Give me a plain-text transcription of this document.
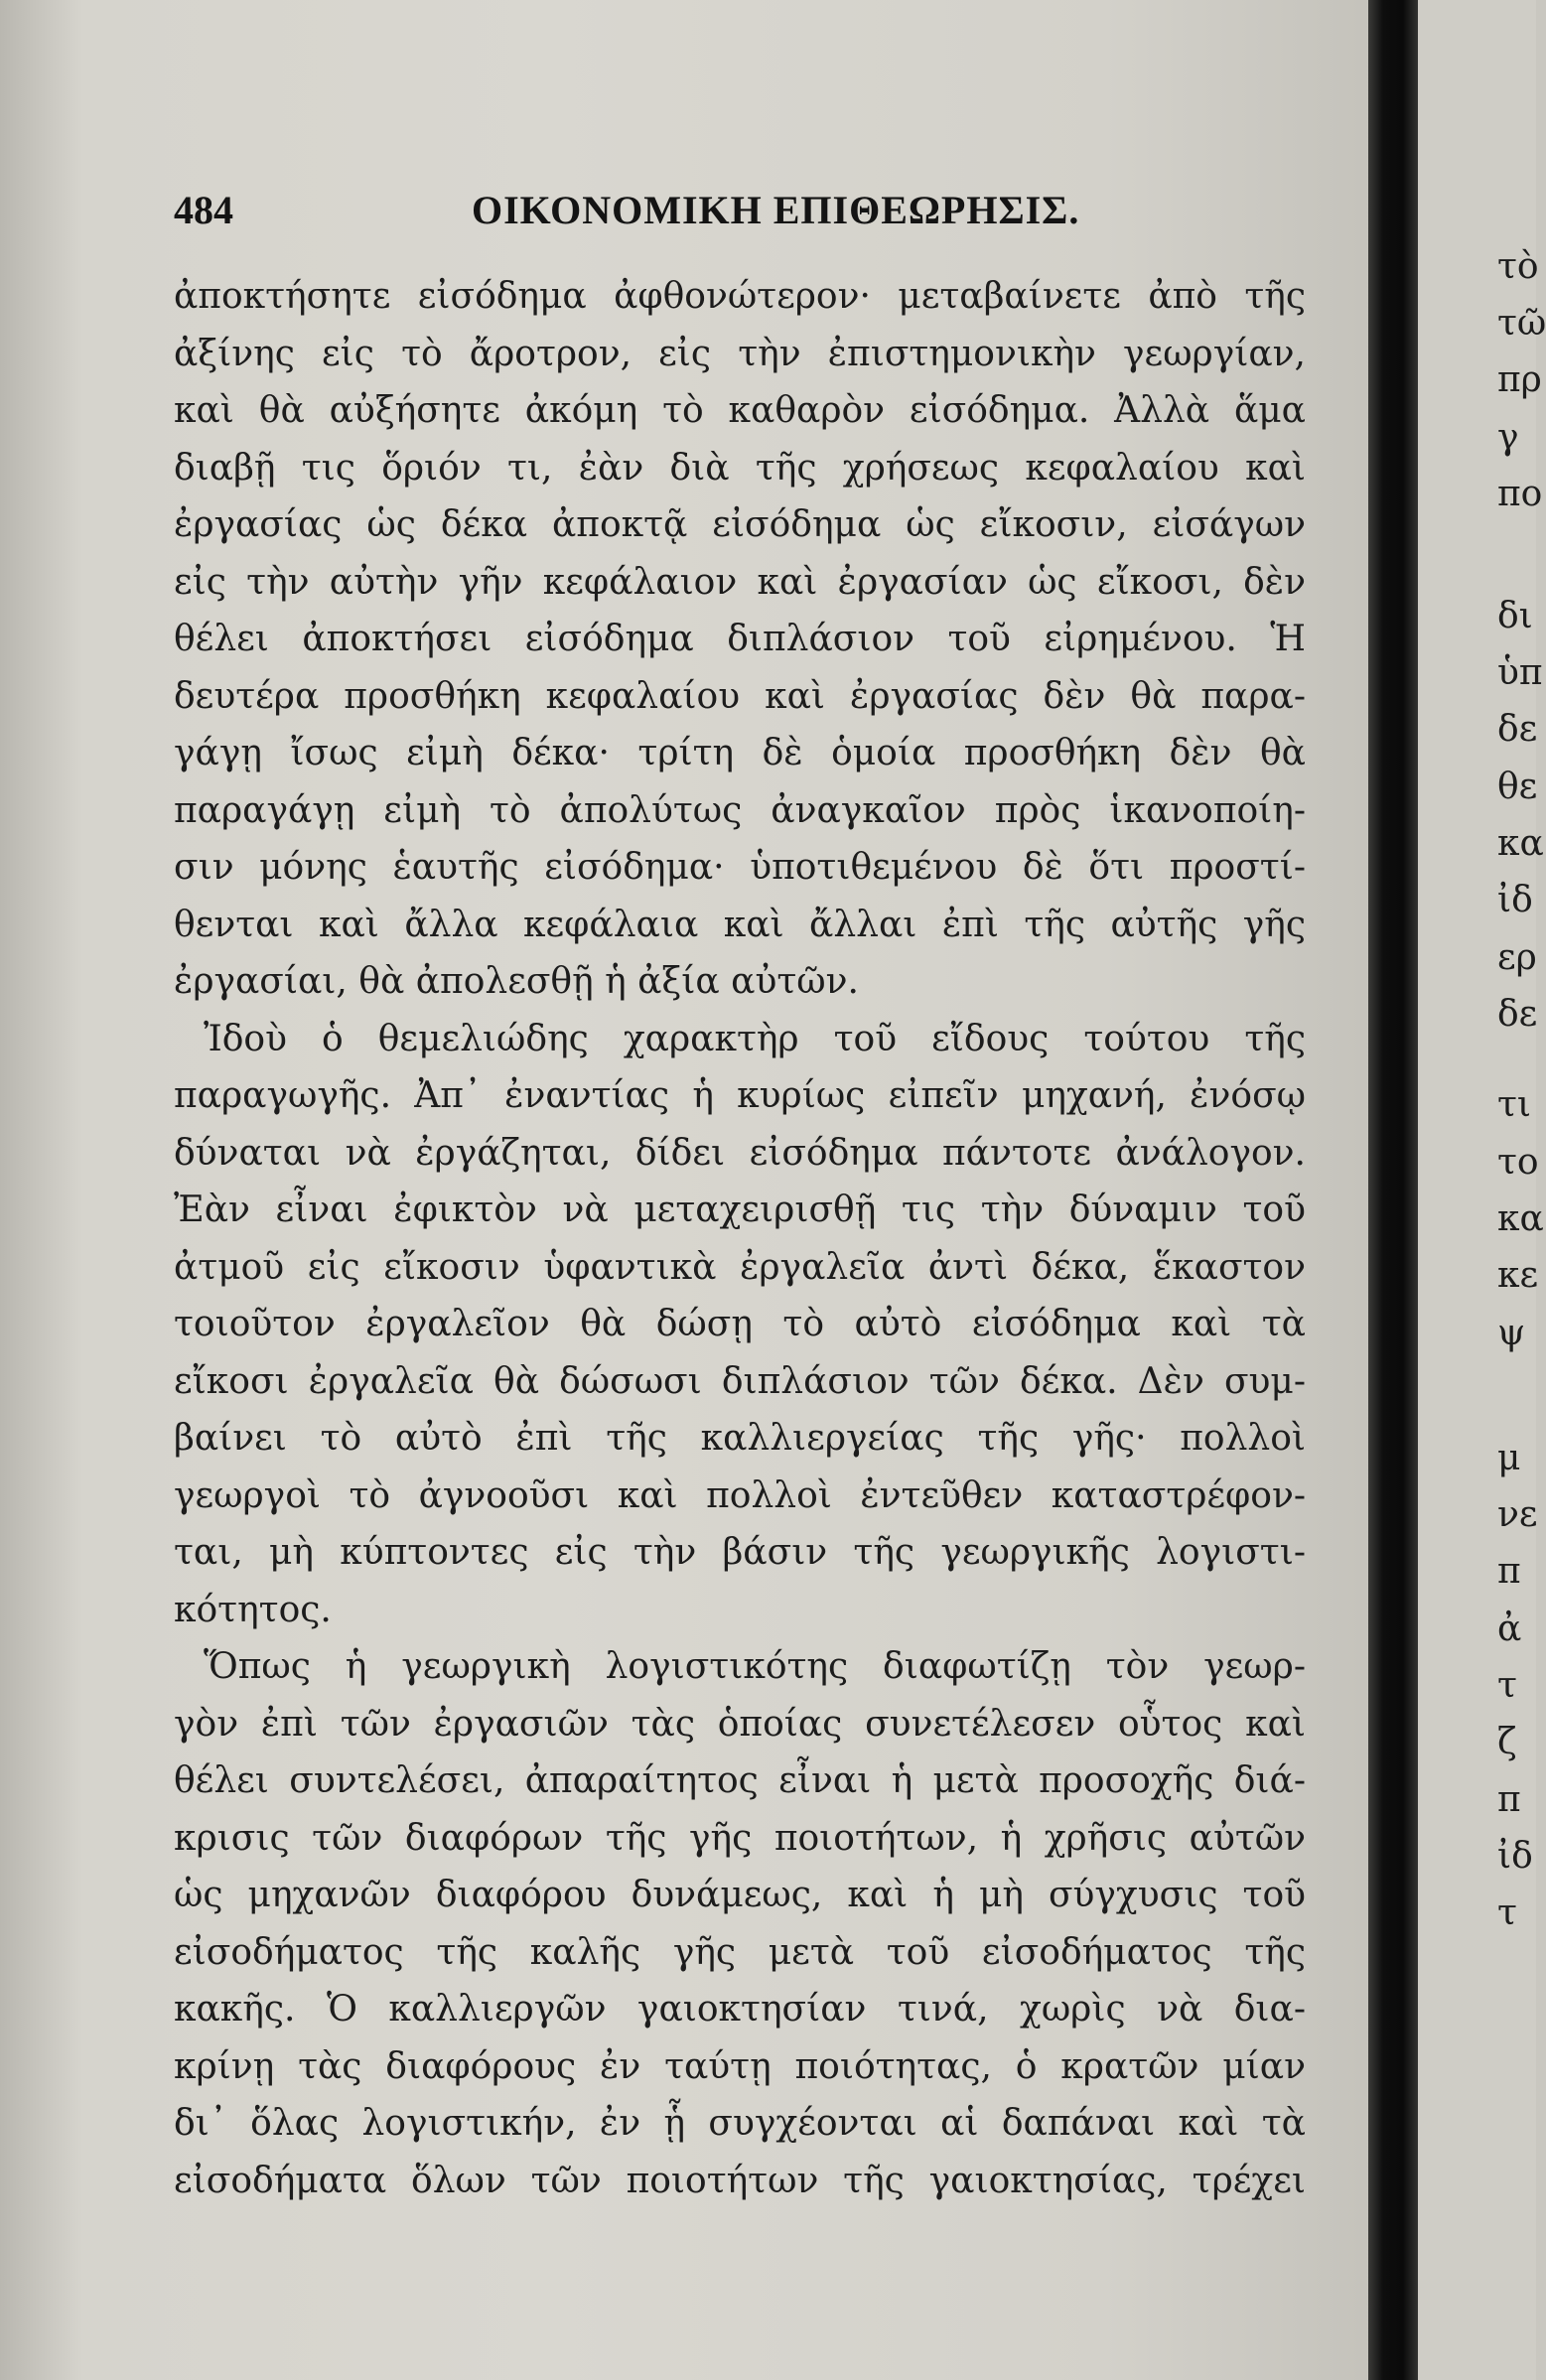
484	ΟΙΚΟΝΟΜΙΚΗ ΕΠΙΘΕΩΡΗΣΙΣ.
ἀποκτήσητε εἰσόδημα ἀφθονώτερον· μεταβαίνετε ἀπὸ τῆς
ἀξίνης εἰς τὸ ἄροτρον, εἰς τὴν ἐπιστημονικὴν γεωργίαν,
καὶ θὰ αὐξήσητε ἀκόμη τὸ καθαρὸν εἰσόδημα. Ἀλλὰ ἅμα
διαβῇ τις ὅριόν τι, ἐὰν διὰ τῆς χρήσεως κεφαλαίου καὶ
ἐργασίας ὡς δέκα ἀποκτᾷ εἰσόδημα ὡς εἴκοσιν, εἰσάγων
εἰς τὴν αὐτὴν γῆν κεφάλαιον καὶ ἐργασίαν ὡς εἴκοσι, δὲν
θέλει ἀποκτήσει εἰσόδημα διπλάσιον τοῦ εἰρημένου. Ἡ
δευτέρα προσθήκη κεφαλαίου καὶ ἐργασίας δὲν θὰ παρα-
γάγῃ ἴσως εἰμὴ δέκα· τρίτη δὲ ὁμοία προσθήκη δὲν θὰ
παραγάγῃ εἰμὴ τὸ ἀπολύτως ἀναγκαῖον πρὸς ἱκανοποίη-
σιν μόνης ἑαυτῆς εἰσόδημα· ὑποτιθεμένου δὲ ὅτι προστί-
θενται καὶ ἄλλα κεφάλαια καὶ ἄλλαι ἐπὶ τῆς αὐτῆς γῆς
ἐργασίαι, θὰ ἀπολεσθῇ ἡ ἀξία αὐτῶν.
Ἰδοὺ ὁ θεμελιώδης χαρακτὴρ τοῦ εἴδους τούτου τῆς
παραγωγῆς. Ἀπ᾽ ἐναντίας ἡ κυρίως εἰπεῖν μηχανή, ἐνόσῳ
δύναται νὰ ἐργάζηται, δίδει εἰσόδημα πάντοτε ἀνάλογον.
Ἐὰν εἶναι ἐφικτὸν νὰ μεταχειρισθῇ τις τὴν δύναμιν τοῦ
ἀτμοῦ εἰς εἴκοσιν ὑφαντικὰ ἐργαλεῖα ἀντὶ δέκα, ἕκαστον
τοιοῦτον ἐργαλεῖον θὰ δώσῃ τὸ αὐτὸ εἰσόδημα καὶ τὰ
εἴκοσι ἐργαλεῖα θὰ δώσωσι διπλάσιον τῶν δέκα. Δὲν συμ-
βαίνει τὸ αὐτὸ ἐπὶ τῆς καλλιεργείας τῆς γῆς· πολλοὶ
γεωργοὶ τὸ ἀγνοοῦσι καὶ πολλοὶ ἐντεῦθεν καταστρέφον-
ται, μὴ κύπτοντες εἰς τὴν βάσιν τῆς γεωργικῆς λογιστι-
κότητος.
Ὅπως ἡ γεωργικὴ λογιστικότης διαφωτίζῃ τὸν γεωρ-
γὸν ἐπὶ τῶν ἐργασιῶν τὰς ὁποίας συνετέλεσεν οὗτος καὶ
θέλει συντελέσει, ἀπαραίτητος εἶναι ἡ μετὰ προσοχῆς διά-
κρισις τῶν διαφόρων τῆς γῆς ποιοτήτων, ἡ χρῆσις αὐτῶν
ὡς μηχανῶν διαφόρου δυνάμεως, καὶ ἡ μὴ σύγχυσις τοῦ
εἰσοδήματος τῆς καλῆς γῆς μετὰ τοῦ εἰσοδήματος τῆς
κακῆς. Ὁ καλλιεργῶν γαιοκτησίαν τινά, χωρὶς νὰ δια-
κρίνῃ τὰς διαφόρους ἐν ταύτῃ ποιότητας, ὁ κρατῶν μίαν
δι᾽ ὅλας λογιστικήν, ἐν ᾗ συγχέονται αἱ δαπάναι καὶ τὰ
εἰσοδήματα ὅλων τῶν ποιοτήτων τῆς γαιοκτησίας, τρέχει
τὸ
τῶ
πρ
γ
πο
δι
ὑπ
δε
θε
κα
ἰδ
ερ
δε
τι
το
κα
κε
ψ
μ
νε
π
ἀ
τ
ζ
π
ἰδ
τ
